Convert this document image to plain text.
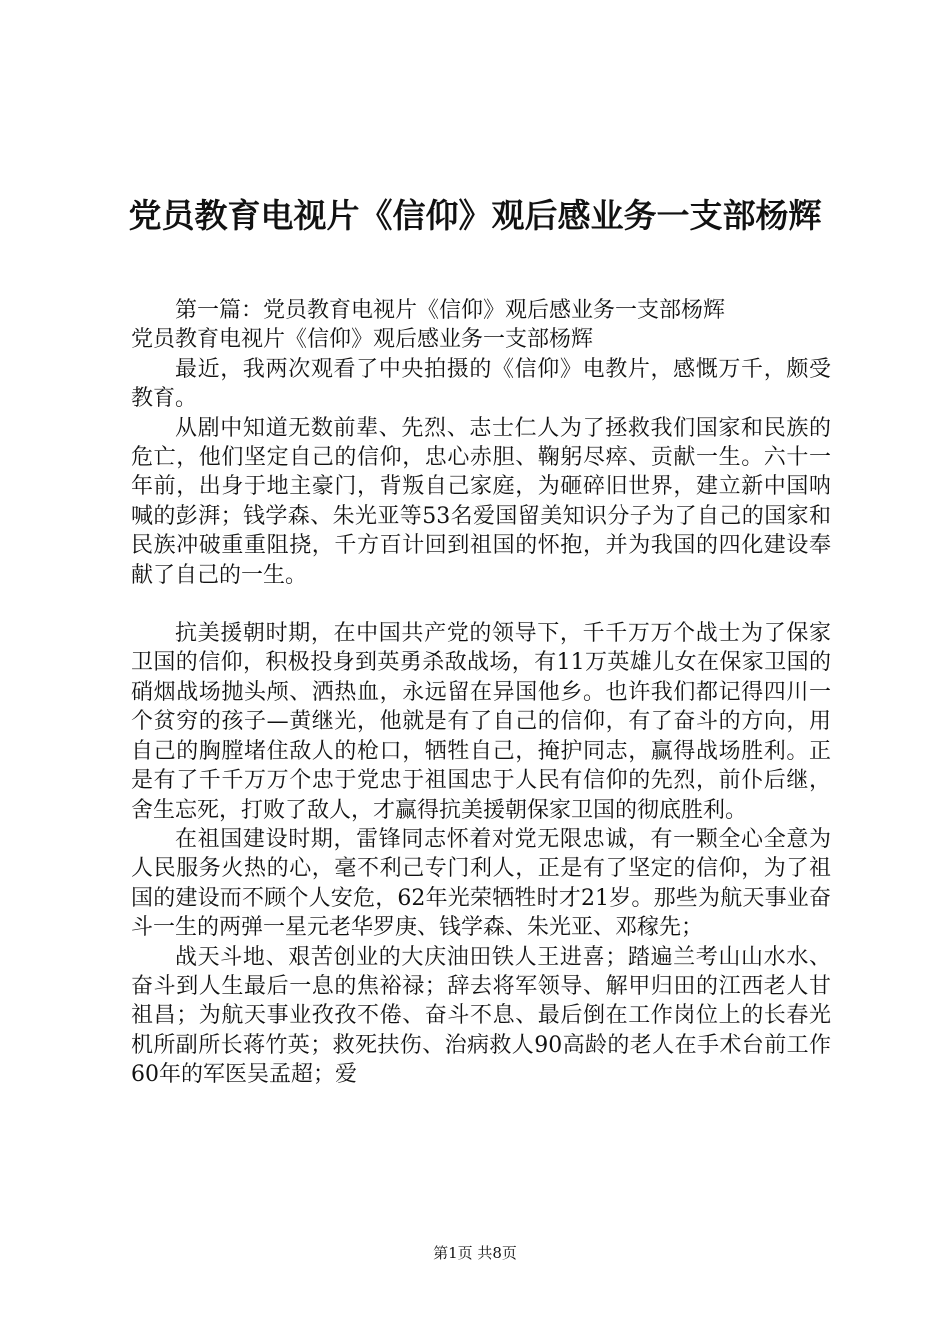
党员教育电视片《信仰》观后感业务一支部杨辉

第一篇：党员教育电视片《信仰》观后感业务一支部杨辉

党员教育电视片《信仰》观后感业务一支部杨辉

最近，我两次观看了中央拍摄的《信仰》电教片，感慨万千，颇受教育。

从剧中知道无数前辈、先烈、志士仁人为了拯救我们国家和民族的危亡，他们坚定自己的信仰，忠心赤胆、鞠躬尽瘁、贡献一生。六十一年前，出身于地主豪门，背叛自己家庭，为砸碎旧世界，建立新中国呐喊的彭湃；钱学森、朱光亚等53名爱国留美知识分子为了自己的国家和民族冲破重重阻挠，千方百计回到祖国的怀抱，并为我国的四化建设奉献了自己的一生。

抗美援朝时期，在中国共产党的领导下，千千万万个战士为了保家卫国的信仰，积极投身到英勇杀敌战场，有11万英雄儿女在保家卫国的硝烟战场抛头颅、洒热血，永远留在异国他乡。也许我们都记得四川一个贫穷的孩子—黄继光，他就是有了自己的信仰，有了奋斗的方向，用自己的胸膛堵住敌人的枪口，牺牲自己，掩护同志，赢得战场胜利。正是有了千千万万个忠于党忠于祖国忠于人民有信仰的先烈，前仆后继，舍生忘死，打败了敌人，才赢得抗美援朝保家卫国的彻底胜利。

在祖国建设时期，雷锋同志怀着对党无限忠诚，有一颗全心全意为人民服务火热的心，毫不利己专门利人，正是有了坚定的信仰，为了祖国的建设而不顾个人安危，62年光荣牺牲时才21岁。那些为航天事业奋斗一生的两弹一星元老华罗庚、钱学森、朱光亚、邓稼先；

战天斗地、艰苦创业的大庆油田铁人王进喜；踏遍兰考山山水水、奋斗到人生最后一息的焦裕禄；辞去将军领导、解甲归田的江西老人甘祖昌；为航天事业孜孜不倦、奋斗不息、最后倒在工作岗位上的长春光机所副所长蒋竹英；救死扶伤、治病救人90高龄的老人在手术台前工作60年的军医吴孟超；爱

第1页 共8页
